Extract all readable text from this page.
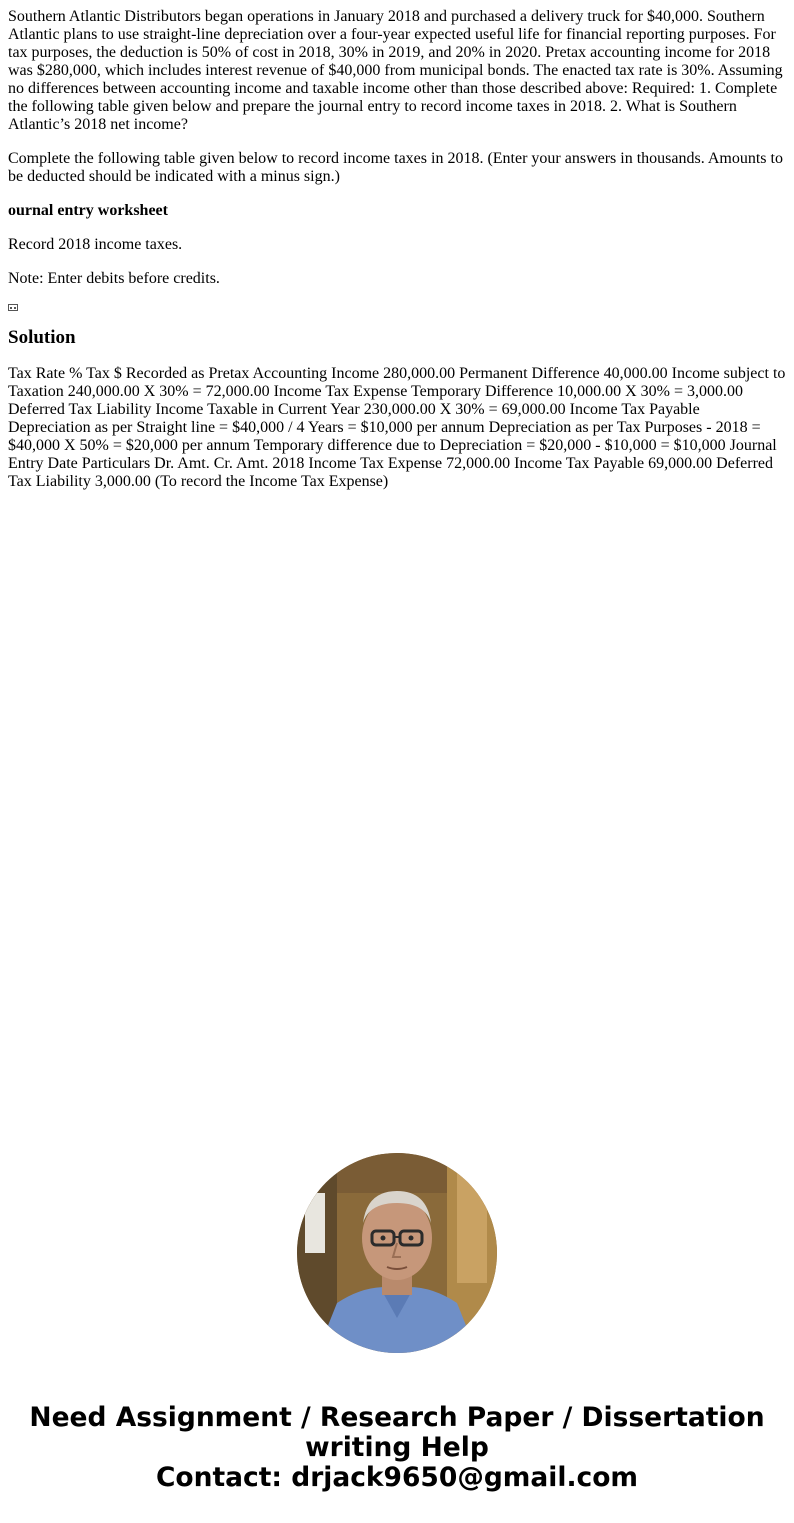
Southern Atlantic Distributors began operations in January 2018 and purchased a delivery truck for $40,000. Southern Atlantic plans to use straight-line depreciation over a four-year expected useful life for financial reporting purposes. For tax purposes, the deduction is 50% of cost in 2018, 30% in 2019, and 20% in 2020. Pretax accounting income for 2018 was $280,000, which includes interest revenue of $40,000 from municipal bonds. The enacted tax rate is 30%. Assuming no differences between accounting income and taxable income other than those described above: Required: 1. Complete the following table given below and prepare the journal entry to record income taxes in 2018. 2. What is Southern Atlantic’s 2018 net income?

Complete the following table given below to record income taxes in 2018. (Enter your answers in thousands. Amounts to be deducted should be indicated with a minus sign.)

ournal entry worksheet

Record 2018 income taxes.

Note: Enter debits before credits.

Solution

Tax Rate % Tax $ Recorded as Pretax Accounting Income 280,000.00 Permanent Difference 40,000.00 Income subject to Taxation 240,000.00 X 30% = 72,000.00 Income Tax Expense Temporary Difference 10,000.00 X 30% = 3,000.00 Deferred Tax Liability Income Taxable in Current Year 230,000.00 X 30% = 69,000.00 Income Tax Payable Depreciation as per Straight line = $40,000 / 4 Years = $10,000 per annum Depreciation as per Tax Purposes - 2018 = $40,000 X 50% = $20,000 per annum Temporary difference due to Depreciation = $20,000 - $10,000 = $10,000 Journal Entry Date Particulars Dr. Amt. Cr. Amt. 2018 Income Tax Expense 72,000.00 Income Tax Payable 69,000.00 Deferred Tax Liability 3,000.00 (To record the Income Tax Expense)

Need Assignment / Research Paper / Dissertation
writing Help
Contact: drjack9650@gmail.com
